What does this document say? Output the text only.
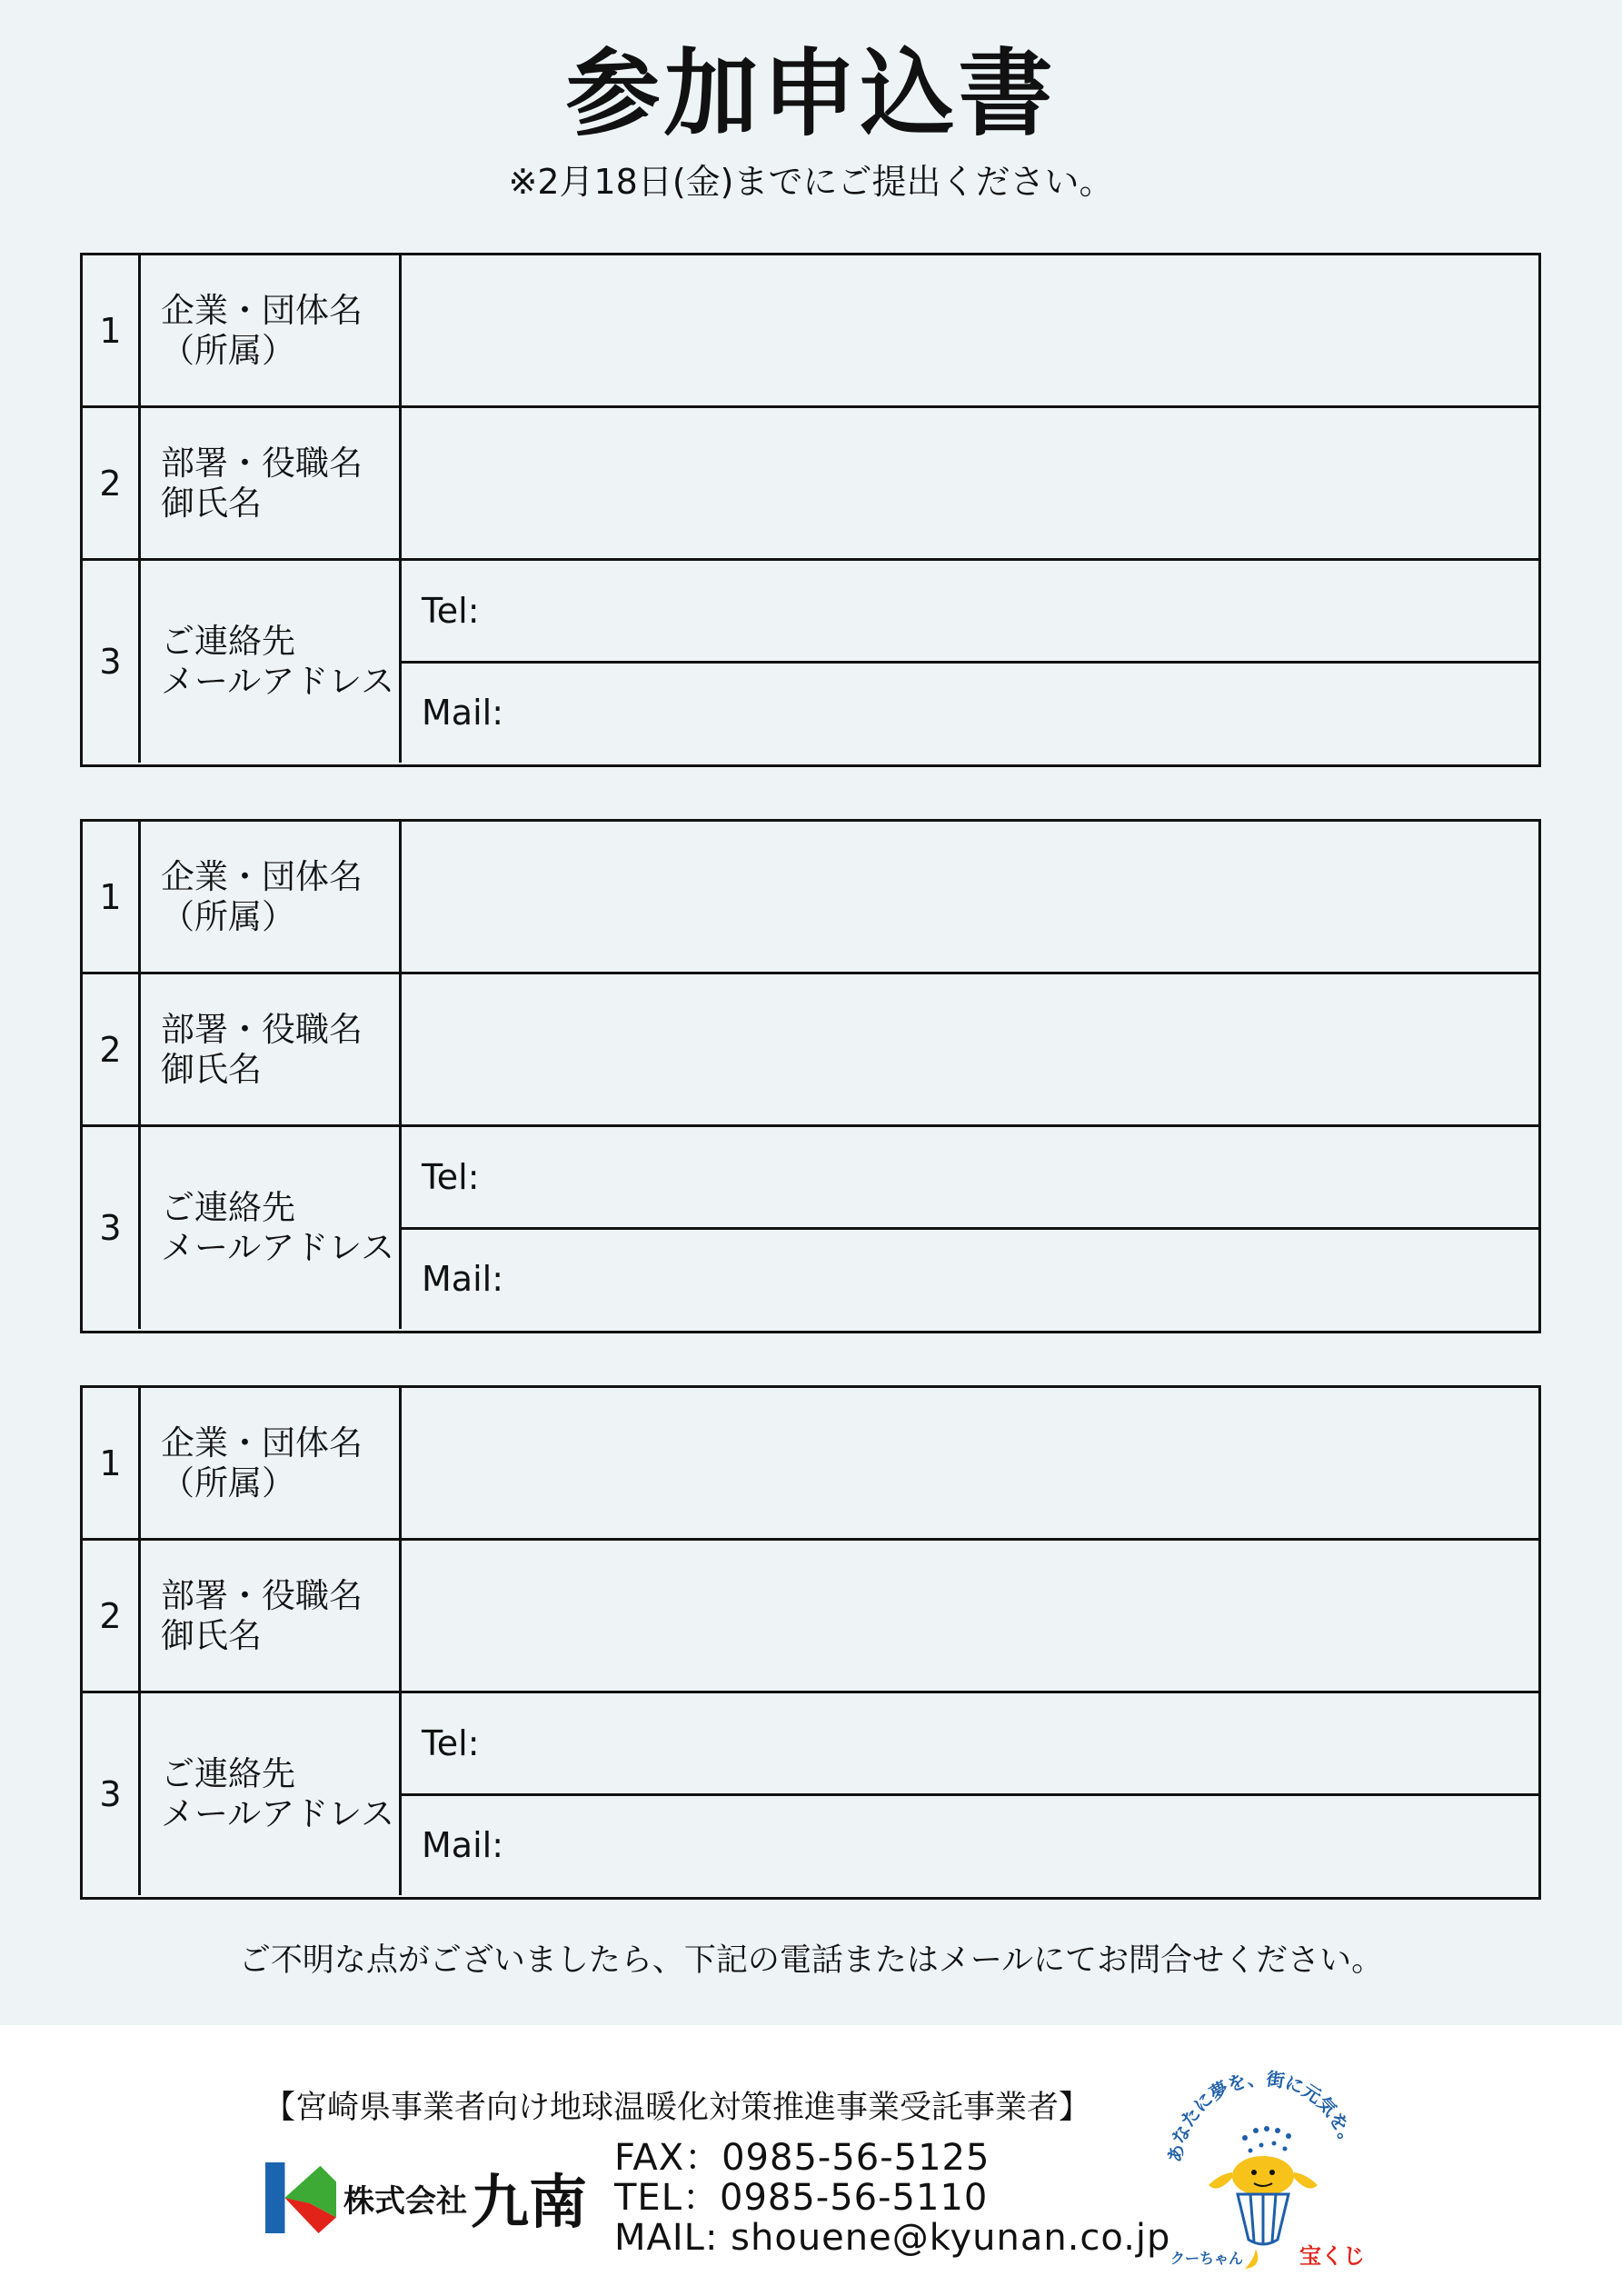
参加申込書
※2月18日(金)までにご提出ください。
1
企業・団体名
（所属）
2
部署・役職名
御氏名
3
ご連絡先
メールアドレス
Tel:
Mail:
1
企業・団体名
（所属）
2
部署・役職名
御氏名
3
ご連絡先
メールアドレス
Tel:
Mail:
1
企業・団体名
（所属）
2
部署・役職名
御氏名
3
ご連絡先
メールアドレス
Tel:
Mail:
ご不明な点がございましたら、下記の電話またはメールにてお問合せください。
【宮崎県事業者向け地球温暖化対策推進事業受託事業者】
株式会社 九南
FAX：0985-56-5125
TEL：0985-56-5110
MAIL: shouene@kyunan.co.jp
あなたに夢を、街に元気を。
クーちゃん	宝くじ
